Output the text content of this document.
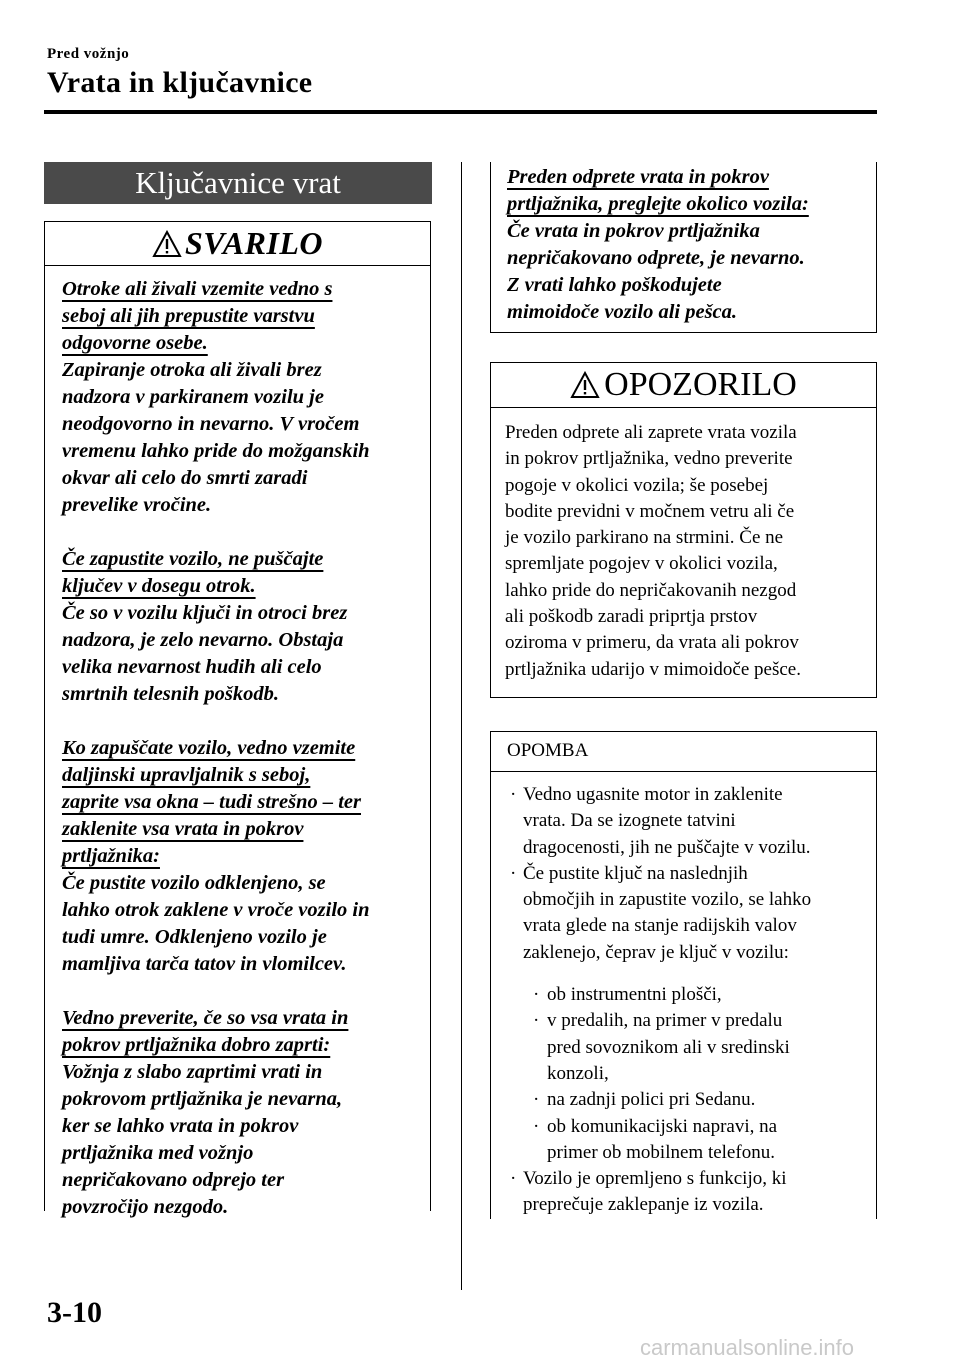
Pred vožnjo
Vrata in ključavnice
Ključavnice vrat
SVARILO
Otroke ali živali vzemite vedno s
seboj ali jih prepustite varstvu
odgovorne osebe.
Zapiranje otroka ali živali brez
nadzora v parkiranem vozilu je
neodgovorno in nevarno. V vročem
vremenu lahko pride do možganskih
okvar ali celo do smrti zaradi
prevelike vročine.
Če zapustite vozilo, ne puščajte
ključev v dosegu otrok.
Če so v vozilu ključi in otroci brez
nadzora, je zelo nevarno. Obstaja
velika nevarnost hudih ali celo
smrtnih telesnih poškodb.
Ko zapuščate vozilo, vedno vzemite
daljinski upravljalnik s seboj,
zaprite vsa okna – tudi strešno – ter
zaklenite vsa vrata in pokrov
prtljažnika:
Če pustite vozilo odklenjeno, se
lahko otrok zaklene v vroče vozilo in
tudi umre. Odklenjeno vozilo je
mamljiva tarča tatov in vlomilcev.
Vedno preverite, če so vsa vrata in
pokrov prtljažnika dobro zaprti:
Vožnja z slabo zaprtimi vrati in
pokrovom prtljažnika je nevarna,
ker se lahko vrata in pokrov
prtljažnika med vožnjo
nepričakovano odprejo ter
povzročijo nezgodo.
Preden odprete vrata in pokrov
prtljažnika, preglejte okolico vozila:
Če vrata in pokrov prtljažnika
nepričakovano odprete, je nevarno.
Z vrati lahko poškodujete
mimoidoče vozilo ali pešca.
OPOZORILO
Preden odprete ali zaprete vrata vozila
in pokrov prtljažnika, vedno preverite
pogoje v okolici vozila; še posebej
bodite previdni v močnem vetru ali če
je vozilo parkirano na strmini. Če ne
spremljate pogojev v okolici vozila,
lahko pride do nepričakovanih nezgod
ali poškodb zaradi priprtja prstov
oziroma v primeru, da vrata ali pokrov
prtljažnika udarijo v mimoidoče pešce.
OPOMBA
· Vedno ugasnite motor in zaklenite
vrata. Da se izognete tatvini
dragocenosti, jih ne puščajte v vozilu.
· Če pustite ključ na naslednjih
območjih in zapustite vozilo, se lahko
vrata glede na stanje radijskih valov
zaklenejo, čeprav je ključ v vozilu:
· ob instrumentni plošči,
· v predalih, na primer v predalu
pred sovoznikom ali v sredinski
konzoli,
· na zadnji polici pri Sedanu.
· ob komunikacijski napravi, na
primer ob mobilnem telefonu.
· Vozilo je opremljeno s funkcijo, ki
preprečuje zaklepanje iz vozila.
3-10
carmanualsonline.info
